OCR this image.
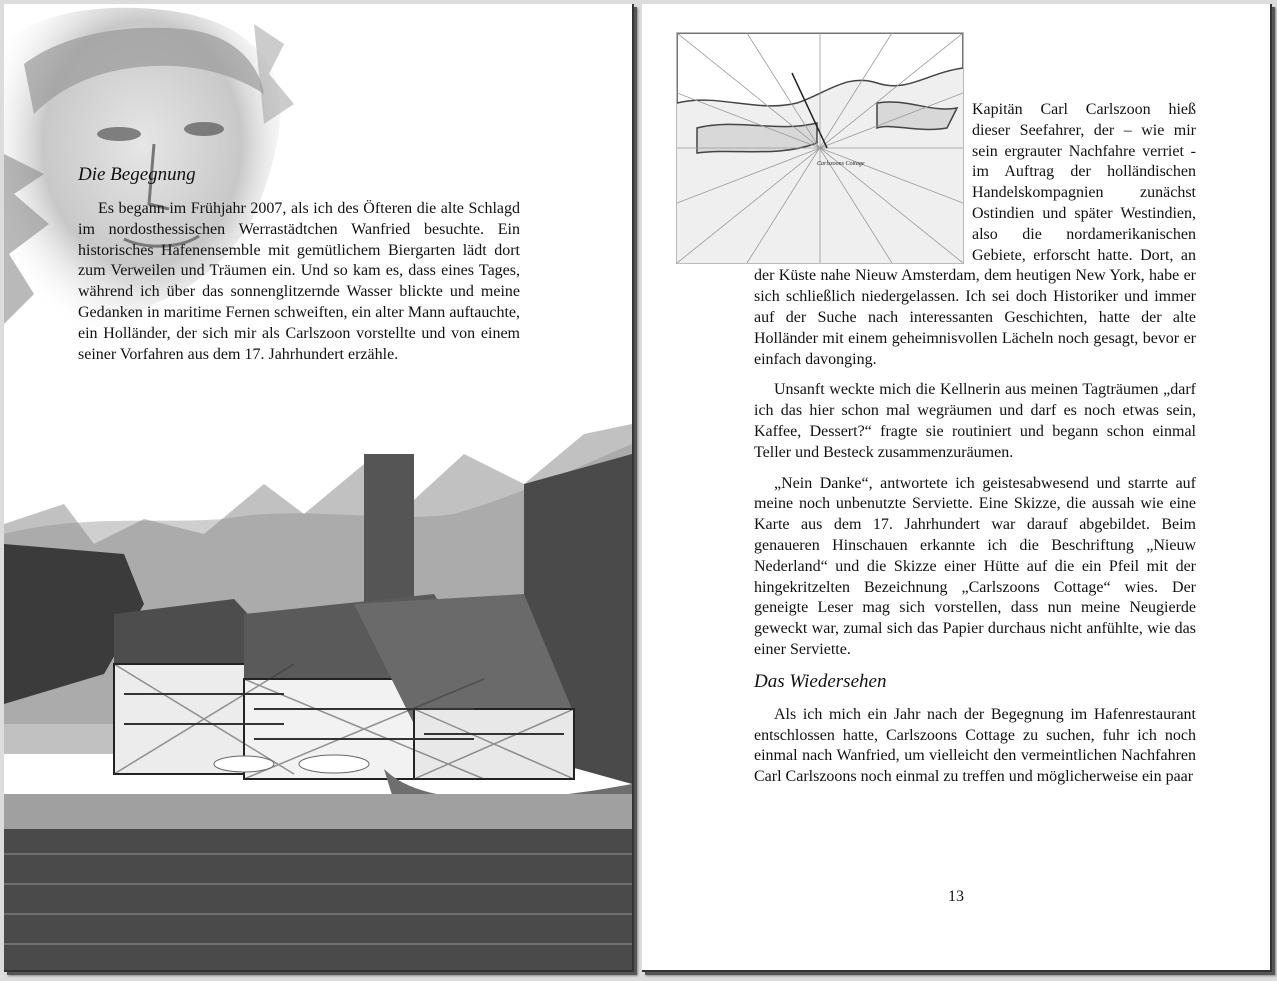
Die Begegnung

Es begann im Frühjahr 2007, als ich des Öfteren die alte Schlagd im nordosthessischen Werrastädtchen Wanfried besuchte. Ein historisches Hafenensemble mit gemütlichem Biergarten lädt dort zum Verweilen und Träumen ein. Und so kam es, dass eines Tages, während ich über das sonnenglitzernde Wasser blickte und meine Gedanken in maritime Fernen schweiften, ein alter Mann auftauchte, ein Holländer, der sich mir als Carlszoon vorstellte und von einem seiner Vorfahren aus dem 17. Jahrhundert erzähle.

Carlszoons Cottage

Kapitän Carl Carlszoon hieß dieser Seefahrer, der – wie mir sein ergrauter Nachfahre verriet - im Auftrag der holländischen Handelskompagnien zunächst Ostindien und später Westindien, also die nordamerikanischen Gebiete, erforscht hatte. Dort, an der Küste nahe Nieuw Amsterdam, dem heutigen New York, habe er sich schließlich niedergelassen. Ich sei doch Historiker und immer auf der Suche nach interessanten Geschichten, hatte der alte Holländer mit einem geheimnisvollen Lächeln noch gesagt, bevor er einfach davonging.

Unsanft weckte mich die Kellnerin aus meinen Tagträumen „darf ich das hier schon mal wegräumen und darf es noch etwas sein, Kaffee, Dessert?“ fragte sie routiniert und begann schon einmal Teller und Besteck zusammenzuräumen.

„Nein Danke“, antwortete ich geistesabwesend und starrte auf meine noch unbenutzte Serviette. Eine Skizze, die aussah wie eine Karte aus dem 17. Jahrhundert war darauf abgebildet. Beim genaueren Hinschauen erkannte ich die Beschriftung „Nieuw Nederland“ und die Skizze einer Hütte auf die ein Pfeil mit der hingekritzelten Bezeichnung „Carlszoons Cottage“ wies. Der geneigte Leser mag sich vorstellen, dass nun meine Neugierde geweckt war, zumal sich das Papier durchaus nicht anfühlte, wie das einer Serviette.

Das Wiedersehen

Als ich mich ein Jahr nach der Begegnung im Hafenrestaurant entschlossen hatte, Carlszoons Cottage zu suchen, fuhr ich noch einmal nach Wanfried, um vielleicht den vermeintlichen Nachfahren Carl Carlszoons noch einmal zu treffen und möglicherweise ein paar

13
